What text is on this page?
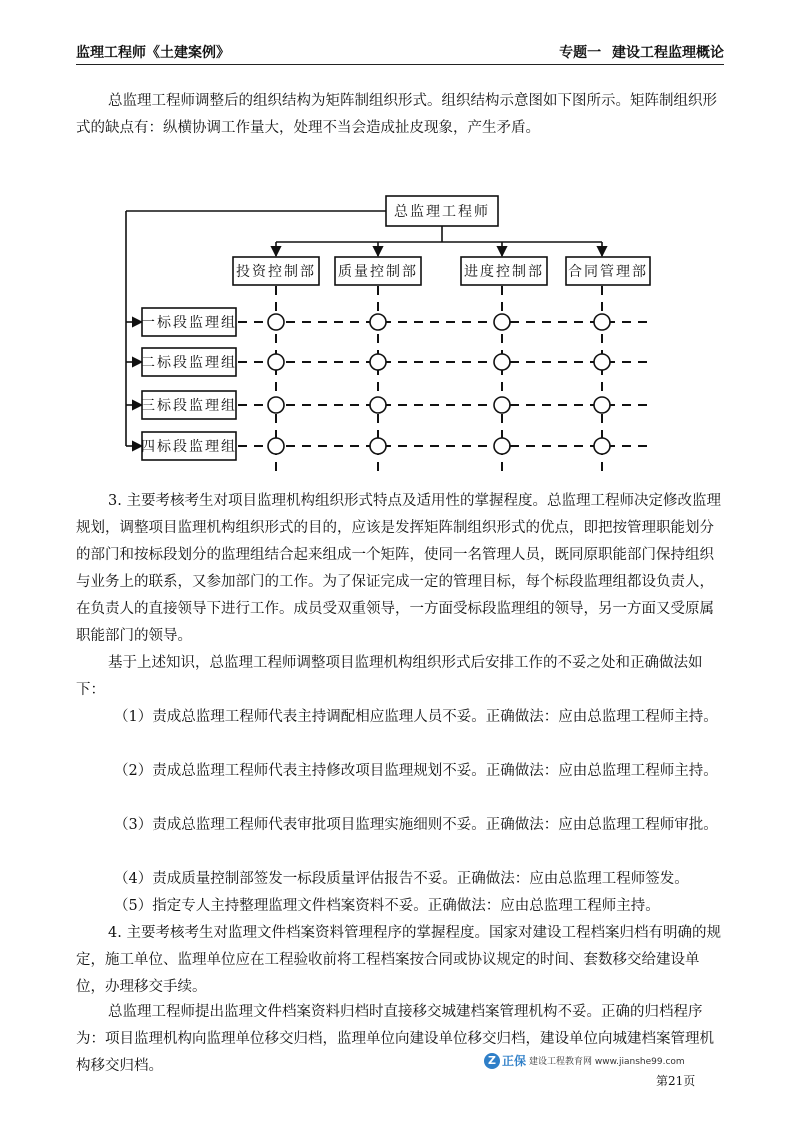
监理工程师《土建案例》	专题一 建设工程监理概论

总监理工程师调整后的组织结构为矩阵制组织形式。组织结构示意图如下图所示。矩阵制组织形式的缺点有：纵横协调工作量大，处理不当会造成扯皮现象，产生矛盾。

总监理工程师
投资控制部 质量控制部	进度控制部 合同管理部
一标段监理组
二标段监理组
三标段监理组
四标段监理组

3. 主要考核考生对项目监理机构组织形式特点及适用性的掌握程度。总监理工程师决定修改监理规划，调整项目监理机构组织形式的目的，应该是发挥矩阵制组织形式的优点，即把按管理职能划分的部门和按标段划分的监理组结合起来组成一个矩阵，使同一名管理人员，既同原职能部门保持组织与业务上的联系，又参加部门的工作。为了保证完成一定的管理目标，每个标段监理组都设负责人，在负责人的直接领导下进行工作。成员受双重领导，一方面受标段监理组的领导，另一方面又受原属职能部门的领导。

基于上述知识，总监理工程师调整项目监理机构组织形式后安排工作的不妥之处和正确做法如下：

（1）责成总监理工程师代表主持调配相应监理人员不妥。正确做法：应由总监理工程师主持。

（2）责成总监理工程师代表主持修改项目监理规划不妥。正确做法：应由总监理工程师主持。

（3）责成总监理工程师代表审批项目监理实施细则不妥。正确做法：应由总监理工程师审批。

（4）责成质量控制部签发一标段质量评估报告不妥。正确做法：应由总监理工程师签发。

（5）指定专人主持整理监理文件档案资料不妥。正确做法：应由总监理工程师主持。

4. 主要考核考生对监理文件档案资料管理程序的掌握程度。国家对建设工程档案归档有明确的规定，施工单位、监理单位应在工程验收前将工程档案按合同或协议规定的时间、套数移交给建设单位，办理移交手续。

总监理工程师提出监理文件档案资料归档时直接移交城建档案管理机构不妥。正确的归档程序为：项目监理机构向监理单位移交归档，监理单位向建设单位移交归档，建设单位向城建档案管理机构移交归档。	Z 正保 建设工程教育网 www.jianshe99.com
第21页
